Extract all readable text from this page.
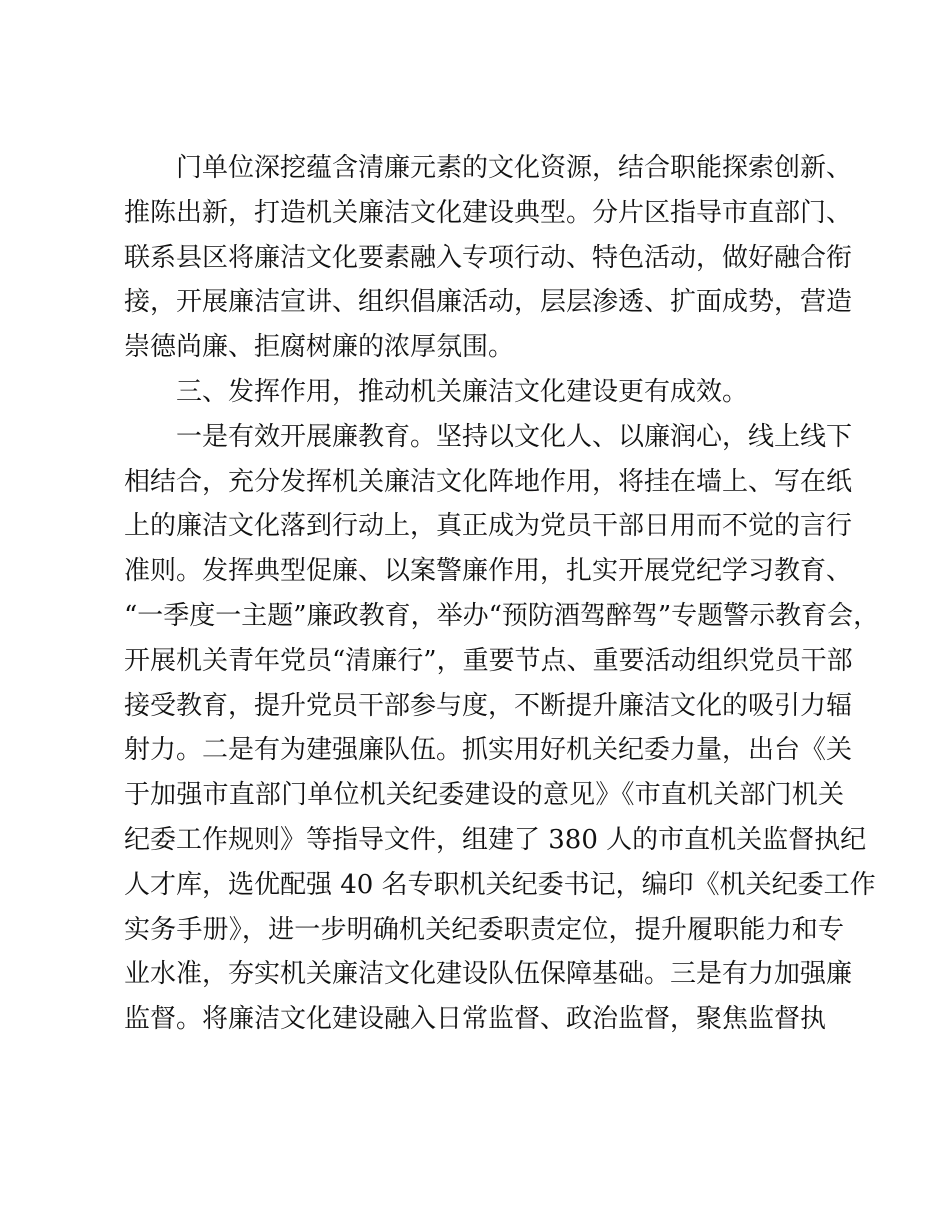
门单位深挖蕴含清廉元素的文化资源，结合职能探索创新、
推陈出新，打造机关廉洁文化建设典型。分片区指导市直部门、
联系县区将廉洁文化要素融入专项行动、特色活动，做好融合衔
接，开展廉洁宣讲、组织倡廉活动，层层渗透、扩面成势，营造
崇德尚廉、拒腐树廉的浓厚氛围。
三、发挥作用，推动机关廉洁文化建设更有成效。
一是有效开展廉教育。坚持以文化人、以廉润心，线上线下
相结合，充分发挥机关廉洁文化阵地作用，将挂在墙上、写在纸
上的廉洁文化落到行动上，真正成为党员干部日用而不觉的言行
准则。发挥典型促廉、以案警廉作用，扎实开展党纪学习教育、
“一季度一主题”廉政教育，举办“预防酒驾醉驾”专题警示教育会，
开展机关青年党员“清廉行”，重要节点、重要活动组织党员干部
接受教育，提升党员干部参与度，不断提升廉洁文化的吸引力辐
射力。二是有为建强廉队伍。抓实用好机关纪委力量，出台《关
于加强市直部门单位机关纪委建设的意见》《市直机关部门机关
纪委工作规则》等指导文件，组建了 380 人的市直机关监督执纪
人才库，选优配强 40 名专职机关纪委书记，编印《机关纪委工作
实务手册》，进一步明确机关纪委职责定位，提升履职能力和专
业水准，夯实机关廉洁文化建设队伍保障基础。三是有力加强廉
监督。将廉洁文化建设融入日常监督、政治监督，聚焦监督执
